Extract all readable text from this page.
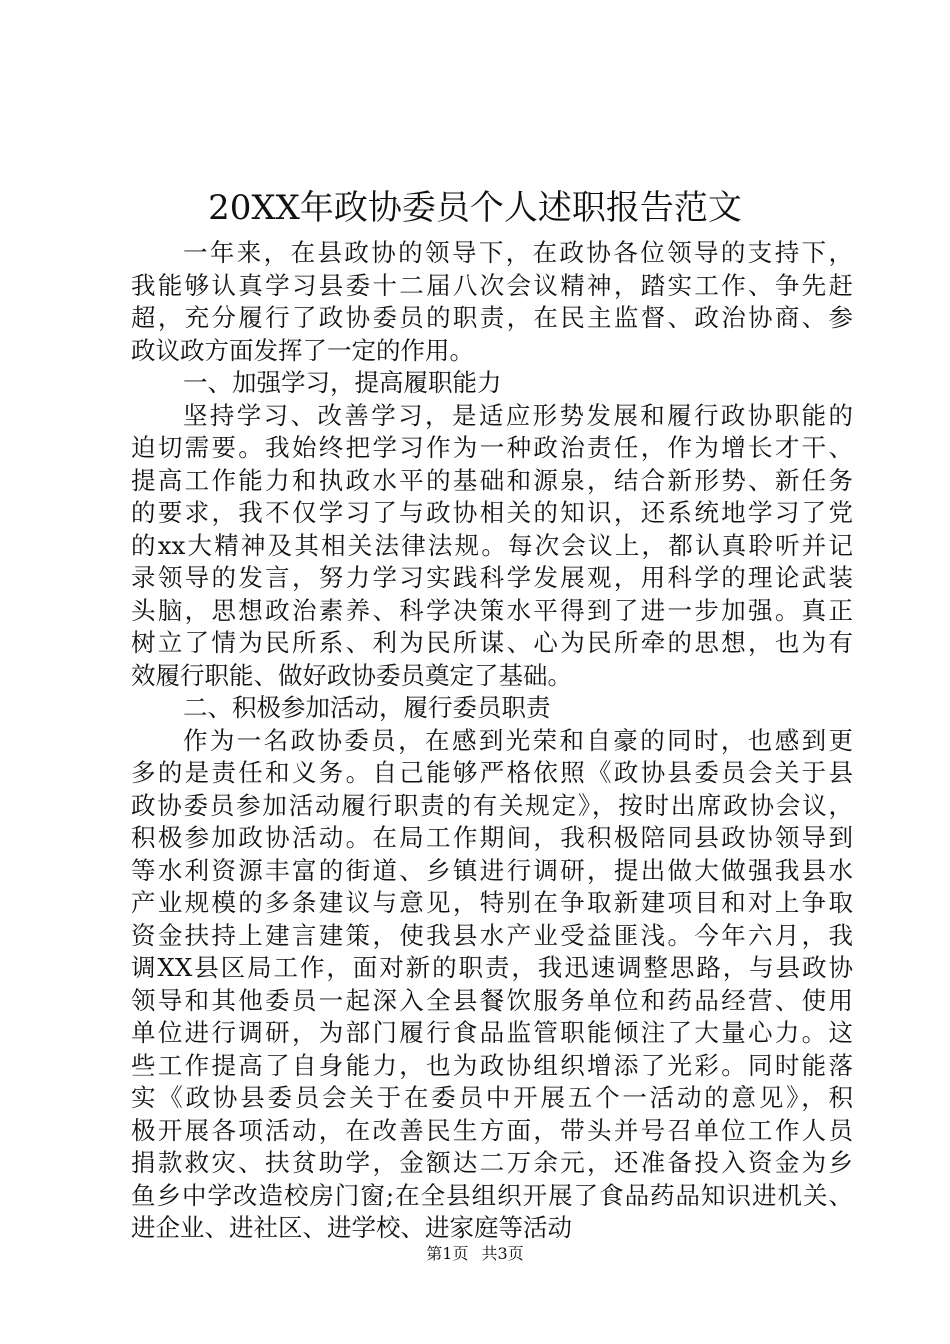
20XX年政协委员个人述职报告范文

一年来，在县政协的领导下，在政协各位领导的支持下，

我能够认真学习县委十二届八次会议精神，踏实工作、争先赶

超，充分履行了政协委员的职责，在民主监督、政治协商、参

政议政方面发挥了一定的作用。

一、加强学习，提高履职能力

坚持学习、改善学习，是适应形势发展和履行政协职能的

迫切需要。我始终把学习作为一种政治责任，作为增长才干、

提高工作能力和执政水平的基础和源泉，结合新形势、新任务

的要求，我不仅学习了与政协相关的知识，还系统地学习了党

的xx大精神及其相关法律法规。每次会议上，都认真聆听并记

录领导的发言，努力学习实践科学发展观，用科学的理论武装

头脑，思想政治素养、科学决策水平得到了进一步加强。真正

树立了情为民所系、利为民所谋、心为民所牵的思想，也为有

效履行职能、做好政协委员奠定了基础。

二、积极参加活动，履行委员职责

作为一名政协委员，在感到光荣和自豪的同时，也感到更

多的是责任和义务。自己能够严格依照《政协县委员会关于县

政协委员参加活动履行职责的有关规定》，按时出席政协会议，

积极参加政协活动。在局工作期间，我积极陪同县政协领导到

等水利资源丰富的街道、乡镇进行调研，提出做大做强我县水

产业规模的多条建议与意见，特别在争取新建项目和对上争取

资金扶持上建言建策，使我县水产业受益匪浅。今年六月，我

调XX县区局工作，面对新的职责，我迅速调整思路，与县政协

领导和其他委员一起深入全县餐饮服务单位和药品经营、使用

单位进行调研，为部门履行食品监管职能倾注了大量心力。这

些工作提高了自身能力，也为政协组织增添了光彩。同时能落

实《政协县委员会关于在委员中开展五个一活动的意见》，积

极开展各项活动，在改善民生方面，带头并号召单位工作人员

捐款救灾、扶贫助学，金额达二万余元，还准备投入资金为乡

鱼乡中学改造校房门窗;在全县组织开展了食品药品知识进机关、

进企业、进社区、进学校、进家庭等活动

第1页 共3页
